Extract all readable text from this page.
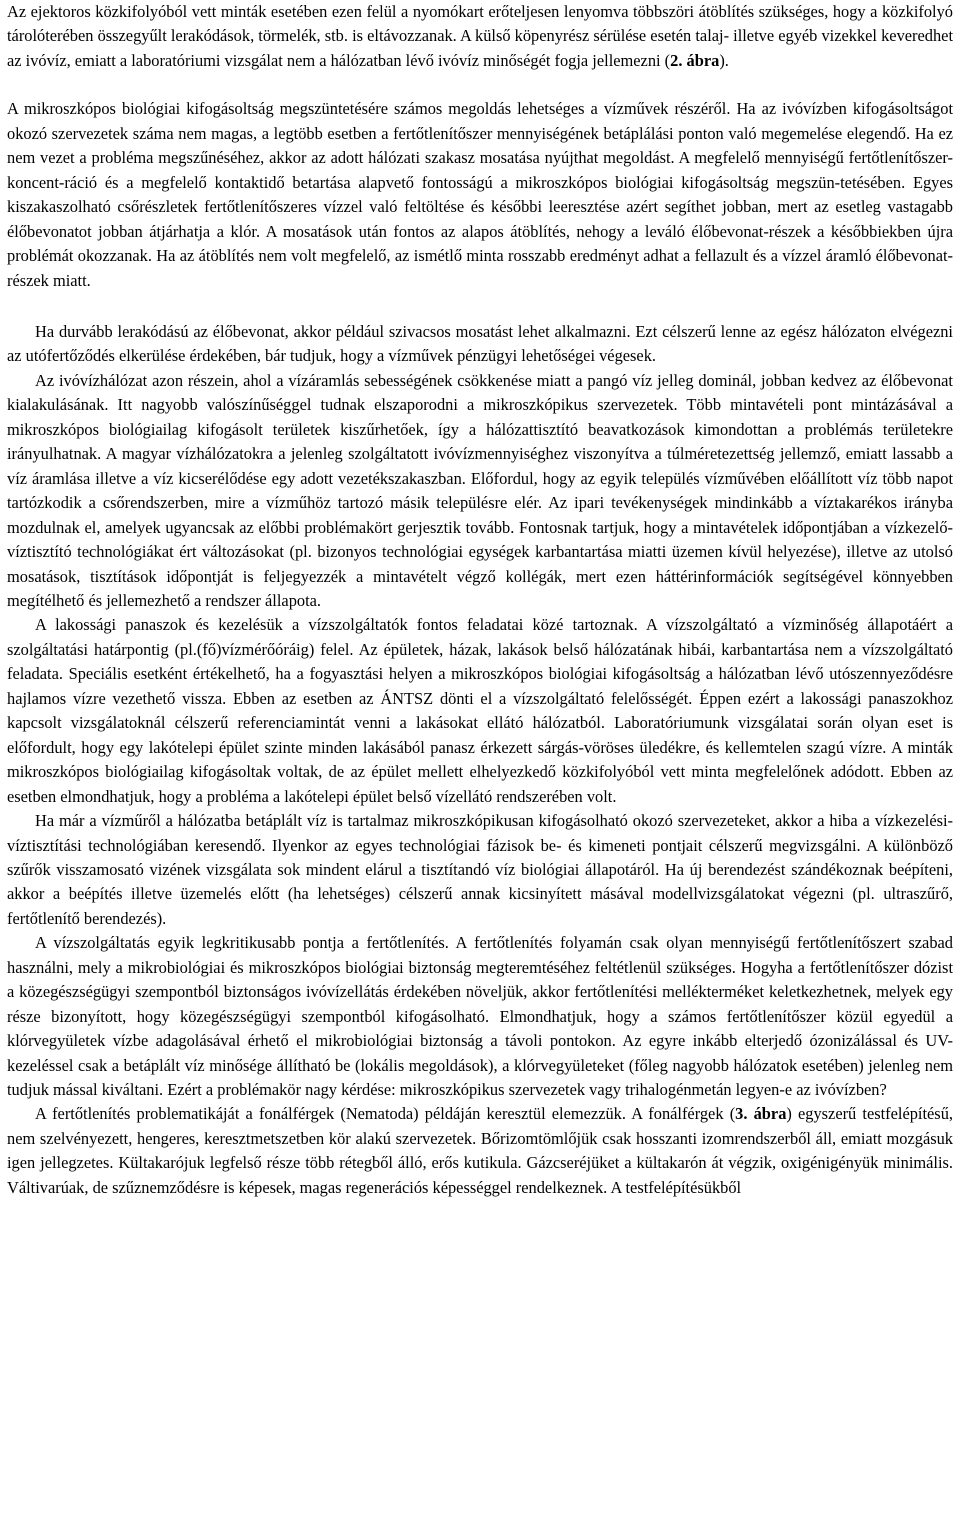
Az ejektoros közkifolyóból vett minták esetében ezen felül a nyomókart erőteljesen lenyomva többszöri átöblítés szükséges, hogy a közkifolyó tárolóterében összegyűlt lerakódások, törmelék, stb. is eltávozzanak. A külső köpenyrész sérülése esetén talaj- illetve egyéb vizekkel keveredhet az ivóvíz, emiatt a laboratóriumi vizsgálat nem a hálózatban lévő ivóvíz minőségét fogja jellemezni (2. ábra).

A mikroszkópos biológiai kifogásoltság megszüntetésére számos megoldás lehetséges a vízművek részéről. Ha az ivóvízben kifogásoltságot okozó szervezetek száma nem magas, a legtöbb esetben a fertőtlenítőszer mennyiségének betáplálási ponton való megemelése elegendő. Ha ez nem vezet a probléma megszűnéséhez, akkor az adott hálózati szakasz mosatása nyújthat megoldást. A megfelelő mennyiségű fertőtlenítőszer-koncent-ráció és a megfelelő kontaktidő betartása alapvető fontosságú a mikroszkópos biológiai kifogásoltság megszün-tetésében. Egyes kiszakaszolható csőrészletek fertőtlenítőszeres vízzel való feltöltése és későbbi leeresztése azért segíthet jobban, mert az esetleg vastagabb élőbevonatot jobban átjárhatja a klór. A mosatások után fontos az alapos átöblítés, nehogy a leváló élőbevonat-részek a későbbiekben újra problémát okozzanak. Ha az átöblítés nem volt megfelelő, az ismétlő minta rosszabb eredményt adhat a fellazult és a vízzel áramló élőbevonat-részek miatt.

Ha durvább lerakódású az élőbevonat, akkor például szivacsos mosatást lehet alkalmazni. Ezt célszerű lenne az egész hálózaton elvégezni az utófertőződés elkerülése érdekében, bár tudjuk, hogy a vízművek pénzügyi lehetőségei végesek.

Az ivóvízhálózat azon részein, ahol a vízáramlás sebességének csökkenése miatt a pangó víz jelleg dominál, jobban kedvez az élőbevonat kialakulásának. Itt nagyobb valószínűséggel tudnak elszaporodni a mikroszkópikus szervezetek. Több mintavételi pont mintázásával a mikroszkópos biológiailag kifogásolt területek kiszűrhetőek, így a hálózattisztító beavatkozások kimondottan a problémás területekre irányulhatnak. A magyar vízhálózatokra a jelenleg szolgáltatott ivóvízmennyiséghez viszonyítva a túlméretezettség jellemző, emiatt lassabb a víz áramlása illetve a víz kicserélődése egy adott vezetékszakaszban. Előfordul, hogy az egyik település vízművében előállított víz több napot tartózkodik a csőrendszerben, mire a vízműhöz tartozó másik településre elér. Az ipari tevékenységek mindinkább a víztakarékos irányba mozdulnak el, amelyek ugyancsak az előbbi problémakört gerjesztik tovább. Fontosnak tartjuk, hogy a mintavételek időpontjában a vízkezelő-víztisztító technológiákat ért változásokat (pl. bizonyos technológiai egységek karbantartása miatti üzemen kívül helyezése), illetve az utolsó mosatások, tisztítások időpontját is feljegyezzék a mintavételt végző kollégák, mert ezen háttérinformációk segítségével könnyebben megítélhető és jellemezhető a rendszer állapota.

A lakossági panaszok és kezelésük a vízszolgáltatók fontos feladatai közé tartoznak. A vízszolgáltató a vízminőség állapotáért a szolgáltatási határpontig (pl.(fő)vízmérőóráig) felel. Az épületek, házak, lakások belső hálózatának hibái, karbantartása nem a vízszolgáltató feladata. Speciális esetként értékelhető, ha a fogyasztási helyen a mikroszkópos biológiai kifogásoltság a hálózatban lévő utószennyeződésre hajlamos vízre vezethető vissza. Ebben az esetben az ÁNTSZ dönti el a vízszolgáltató felelősségét. Éppen ezért a lakossági panaszokhoz kapcsolt vizsgálatoknál célszerű referenciamintát venni a lakásokat ellátó hálózatból. Laboratóriumunk vizsgálatai során olyan eset is előfordult, hogy egy lakótelepi épület szinte minden lakásából panasz érkezett sárgás-vöröses üledékre, és kellemtelen szagú vízre. A minták mikroszkópos biológiailag kifogásoltak voltak, de az épület mellett elhelyezkedő közkifolyóból vett minta megfelelőnek adódott. Ebben az esetben elmondhatjuk, hogy a probléma a lakótelepi épület belső vízellátó rendszerében volt.

Ha már a vízműről a hálózatba betáplált víz is tartalmaz mikroszkópikusan kifogásolható okozó szervezeteket, akkor a hiba a vízkezelési-víztisztítási technológiában keresendő. Ilyenkor az egyes technológiai fázisok be- és kimeneti pontjait célszerű megvizsgálni. A különböző szűrők visszamosató vizének vizsgálata sok mindent elárul a tisztítandó víz biológiai állapotáról. Ha új berendezést szándékoznak beépíteni, akkor a beépítés illetve üzemelés előtt (ha lehetséges) célszerű annak kicsinyített másával modellvizsgálatokat végezni (pl. ultraszűrő, fertőtlenítő berendezés).

A vízszolgáltatás egyik legkritikusabb pontja a fertőtlenítés. A fertőtlenítés folyamán csak olyan mennyiségű fertőtlenítőszert szabad használni, mely a mikrobiológiai és mikroszkópos biológiai biztonság megteremtéséhez feltétlenül szükséges. Hogyha a fertőtlenítőszer dózist a közegészségügyi szempontból biztonságos ivóvízellátás érdekében növeljük, akkor fertőtlenítési mellékterméket keletkezhetnek, melyek egy része bizonyított, hogy közegészségügyi szempontból kifogásolható. Elmondhatjuk, hogy a számos fertőtlenítőszer közül egyedül a klórvegyületek vízbe adagolásával érhető el mikrobiológiai biztonság a távoli pontokon. Az egyre inkább elterjedő ózonizálással és UV-kezeléssel csak a betáplált víz minősége állítható be (lokális megoldások), a klórvegyületeket (főleg nagyobb hálózatok esetében) jelenleg nem tudjuk mással kiváltani. Ezért a problémakör nagy kérdése: mikroszkópikus szervezetek vagy trihalogénmetán legyen-e az ivóvízben?

A fertőtlenítés problematikáját a fonálférgek (Nematoda) példáján keresztül elemezzük. A fonálférgek (3. ábra) egyszerű testfelépítésű, nem szelvényezett, hengeres, keresztmetszetben kör alakú szervezetek. Bőrizomtömlőjük csak hosszanti izomrendszerből áll, emiatt mozgásuk igen jellegzetes. Kültakarójuk legfelső része több rétegből álló, erős kutikula. Gázcseréjüket a kültakarón át végzik, oxigénigényük minimális. Váltivarúak, de szűznemződésre is képesek, magas regenerációs képességgel rendelkeznek. A testfelépítésükből
